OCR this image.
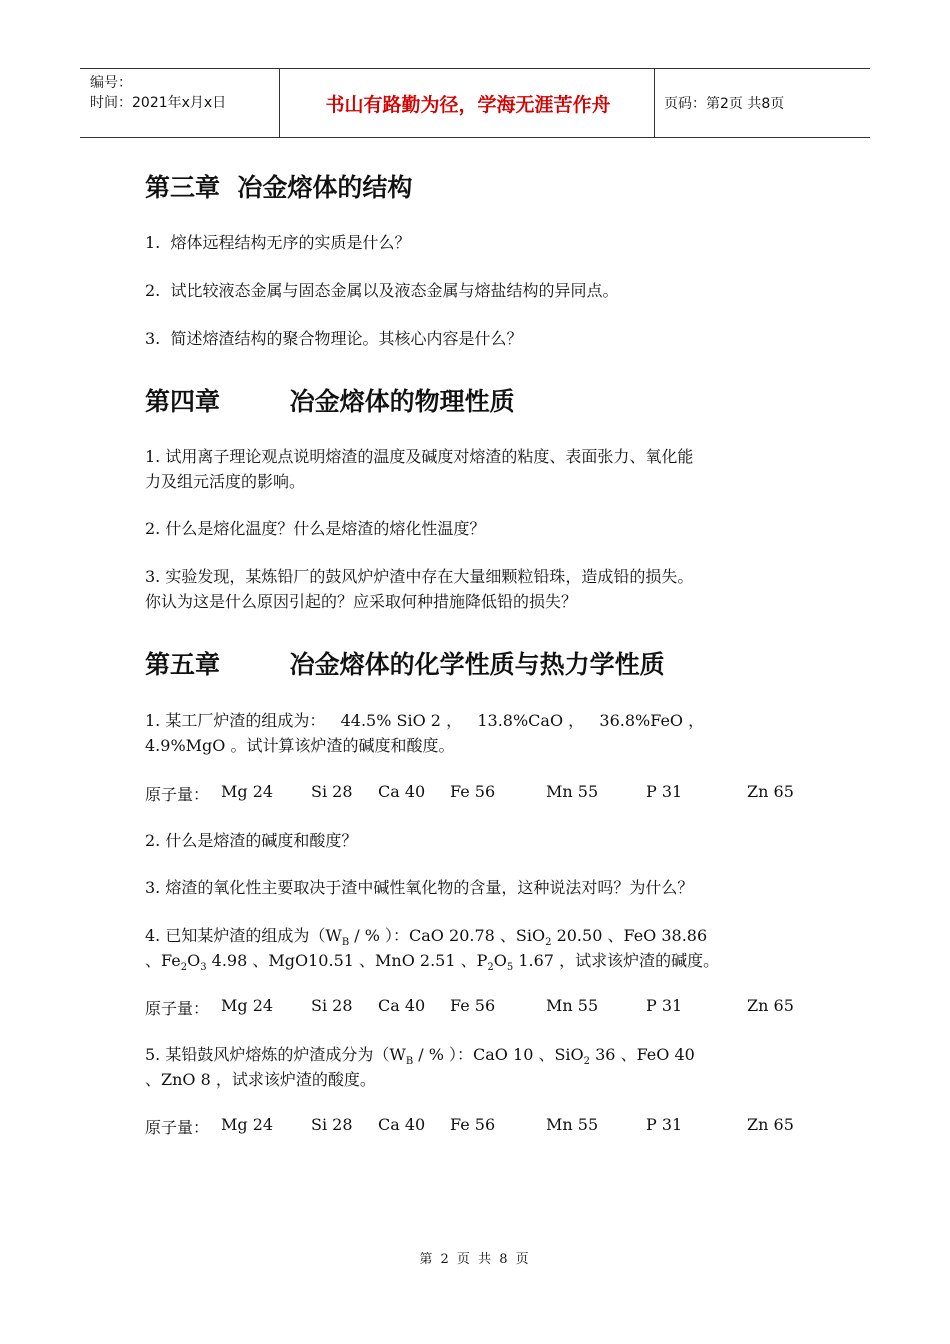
编号：
时间：2021年x月x日	书山有路勤为径，学海无涯苦作舟	页码：第2页 共8页
第三章  冶金熔体的结构
1.  熔体远程结构无序的实质是什么？
2.  试比较液态金属与固态金属以及液态金属与熔盐结构的异同点。
3.  简述熔渣结构的聚合物理论。其核心内容是什么？
第四章        冶金熔体的物理性质
1. 试用离子理论观点说明熔渣的温度及碱度对熔渣的粘度、表面张力、氧化能
力及组元活度的影响。
2. 什么是熔化温度？什么是熔渣的熔化性温度？
3. 实验发现，某炼铅厂的鼓风炉炉渣中存在大量细颗粒铅珠，造成铅的损失。
你认为这是什么原因引起的？应采取何种措施降低铅的损失？
第五章        冶金熔体的化学性质与热力学性质
1. 某工厂炉渣的组成为：   44.5% SiO 2 ，   13.8%CaO ，   36.8%FeO ，
4.9%MgO 。试计算该炉渣的碱度和酸度。
原子量： Mg 24 Si 28 Ca 40 Fe 56	Mn 55	P 31	Zn 65
2. 什么是熔渣的碱度和酸度？
3. 熔渣的氧化性主要取决于渣中碱性氧化物的含量，这种说法对吗？为什么？
4. 已知某炉渣的组成为（$W_B$ / % ）：CaO 20.78 、SiO$_2$ 20.50 、FeO 38.86
、$Fe_2O_3$ 4.98 、MgO10.51 、MnO 2.51 、$P_2O_5$ 1.67 ，试求该炉渣的碱度。
原子量： Mg 24 Si 28 Ca 40 Fe 56	Mn 55	P 31	Zn 65
5. 某铅鼓风炉熔炼的炉渣成分为（$W_B$ / % ）：CaO 10 、SiO$_2$ 36 、FeO 40
、ZnO 8 ，试求该炉渣的酸度。
原子量： Mg 24 Si 28 Ca 40 Fe 56	Mn 55	P 31	Zn 65
第 2 页 共 8 页
